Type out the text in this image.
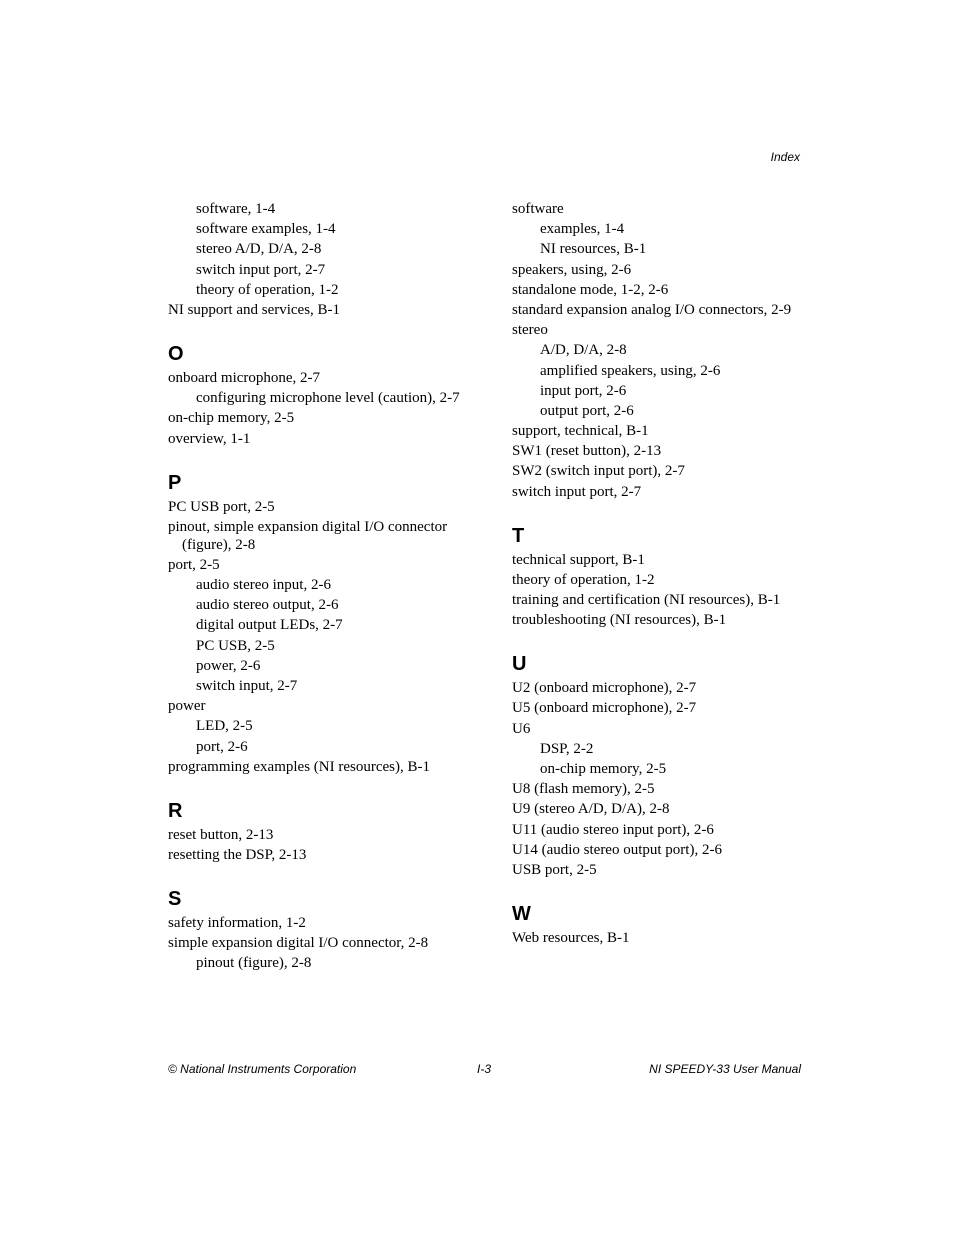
Index
software, 1-4
software examples, 1-4
stereo A/D, D/A, 2-8
switch input port, 2-7
theory of operation, 1-2
NI support and services, B-1
O
onboard microphone, 2-7
configuring microphone level (caution), 2-7
on-chip memory, 2-5
overview, 1-1
P
PC USB port, 2-5
pinout, simple expansion digital I/O connector (figure), 2-8
port, 2-5
audio stereo input, 2-6
audio stereo output, 2-6
digital output LEDs, 2-7
PC USB, 2-5
power, 2-6
switch input, 2-7
power
LED, 2-5
port, 2-6
programming examples (NI resources), B-1
R
reset button, 2-13
resetting the DSP, 2-13
S
safety information, 1-2
simple expansion digital I/O connector, 2-8
pinout (figure), 2-8
software
examples, 1-4
NI resources, B-1
speakers, using, 2-6
standalone mode, 1-2, 2-6
standard expansion analog I/O connectors, 2-9
stereo
A/D, D/A, 2-8
amplified speakers, using, 2-6
input port, 2-6
output port, 2-6
support, technical, B-1
SW1 (reset button), 2-13
SW2 (switch input port), 2-7
switch input port, 2-7
T
technical support, B-1
theory of operation, 1-2
training and certification (NI resources), B-1
troubleshooting (NI resources), B-1
U
U2 (onboard microphone), 2-7
U5 (onboard microphone), 2-7
U6
DSP, 2-2
on-chip memory, 2-5
U8 (flash memory), 2-5
U9 (stereo A/D, D/A), 2-8
U11 (audio stereo input port), 2-6
U14 (audio stereo output port), 2-6
USB port, 2-5
W
Web resources, B-1
© National Instruments Corporation	I-3	NI SPEEDY-33 User Manual
